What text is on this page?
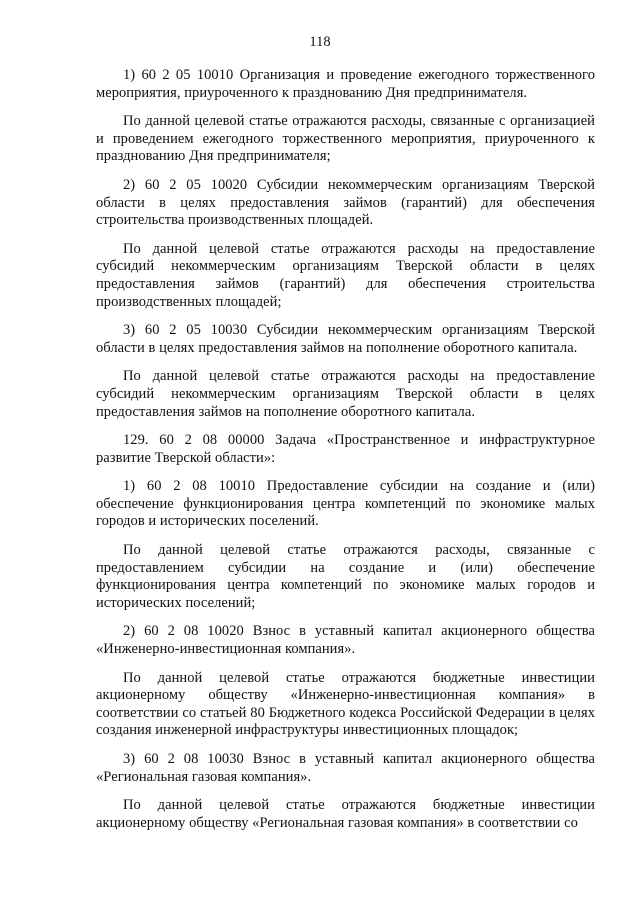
118

1) 60 2 05 10010 Организация и проведение ежегодного торжественного мероприятия, приуроченного к празднованию Дня предпринимателя.

По данной целевой статье отражаются расходы, связанные с организацией и проведением ежегодного торжественного мероприятия, приуроченного к празднованию Дня предпринимателя;

2) 60 2 05 10020 Субсидии некоммерческим организациям Тверской области в целях предоставления займов (гарантий) для обеспечения строительства производственных площадей.

По данной целевой статье отражаются расходы на предоставление субсидий некоммерческим организациям Тверской области в целях предоставления займов (гарантий) для обеспечения строительства производственных площадей;

3) 60 2 05 10030 Субсидии некоммерческим организациям Тверской области в целях предоставления займов на пополнение оборотного капитала.

По данной целевой статье отражаются расходы на предоставление субсидий некоммерческим организациям Тверской области в целях предоставления займов на пополнение оборотного капитала.

129. 60 2 08 00000 Задача «Пространственное и инфраструктурное развитие Тверской области»:

1) 60 2 08 10010 Предоставление субсидии на создание и (или) обеспечение функционирования центра компетенций по экономике малых городов и исторических поселений.

По данной целевой статье отражаются расходы, связанные с предоставлением субсидии на создание и (или) обеспечение функционирования центра компетенций по экономике малых городов и исторических поселений;

2) 60 2 08 10020 Взнос в уставный капитал акционерного общества «Инженерно-инвестиционная компания».

По данной целевой статье отражаются бюджетные инвестиции акционерному обществу «Инженерно-инвестиционная компания» в соответствии со статьей 80 Бюджетного кодекса Российской Федерации в целях создания инженерной инфраструктуры инвестиционных площадок;

3) 60 2 08 10030 Взнос в уставный капитал акционерного общества «Региональная газовая компания».

По данной целевой статье отражаются бюджетные инвестиции акционерному обществу «Региональная газовая компания» в соответствии со
